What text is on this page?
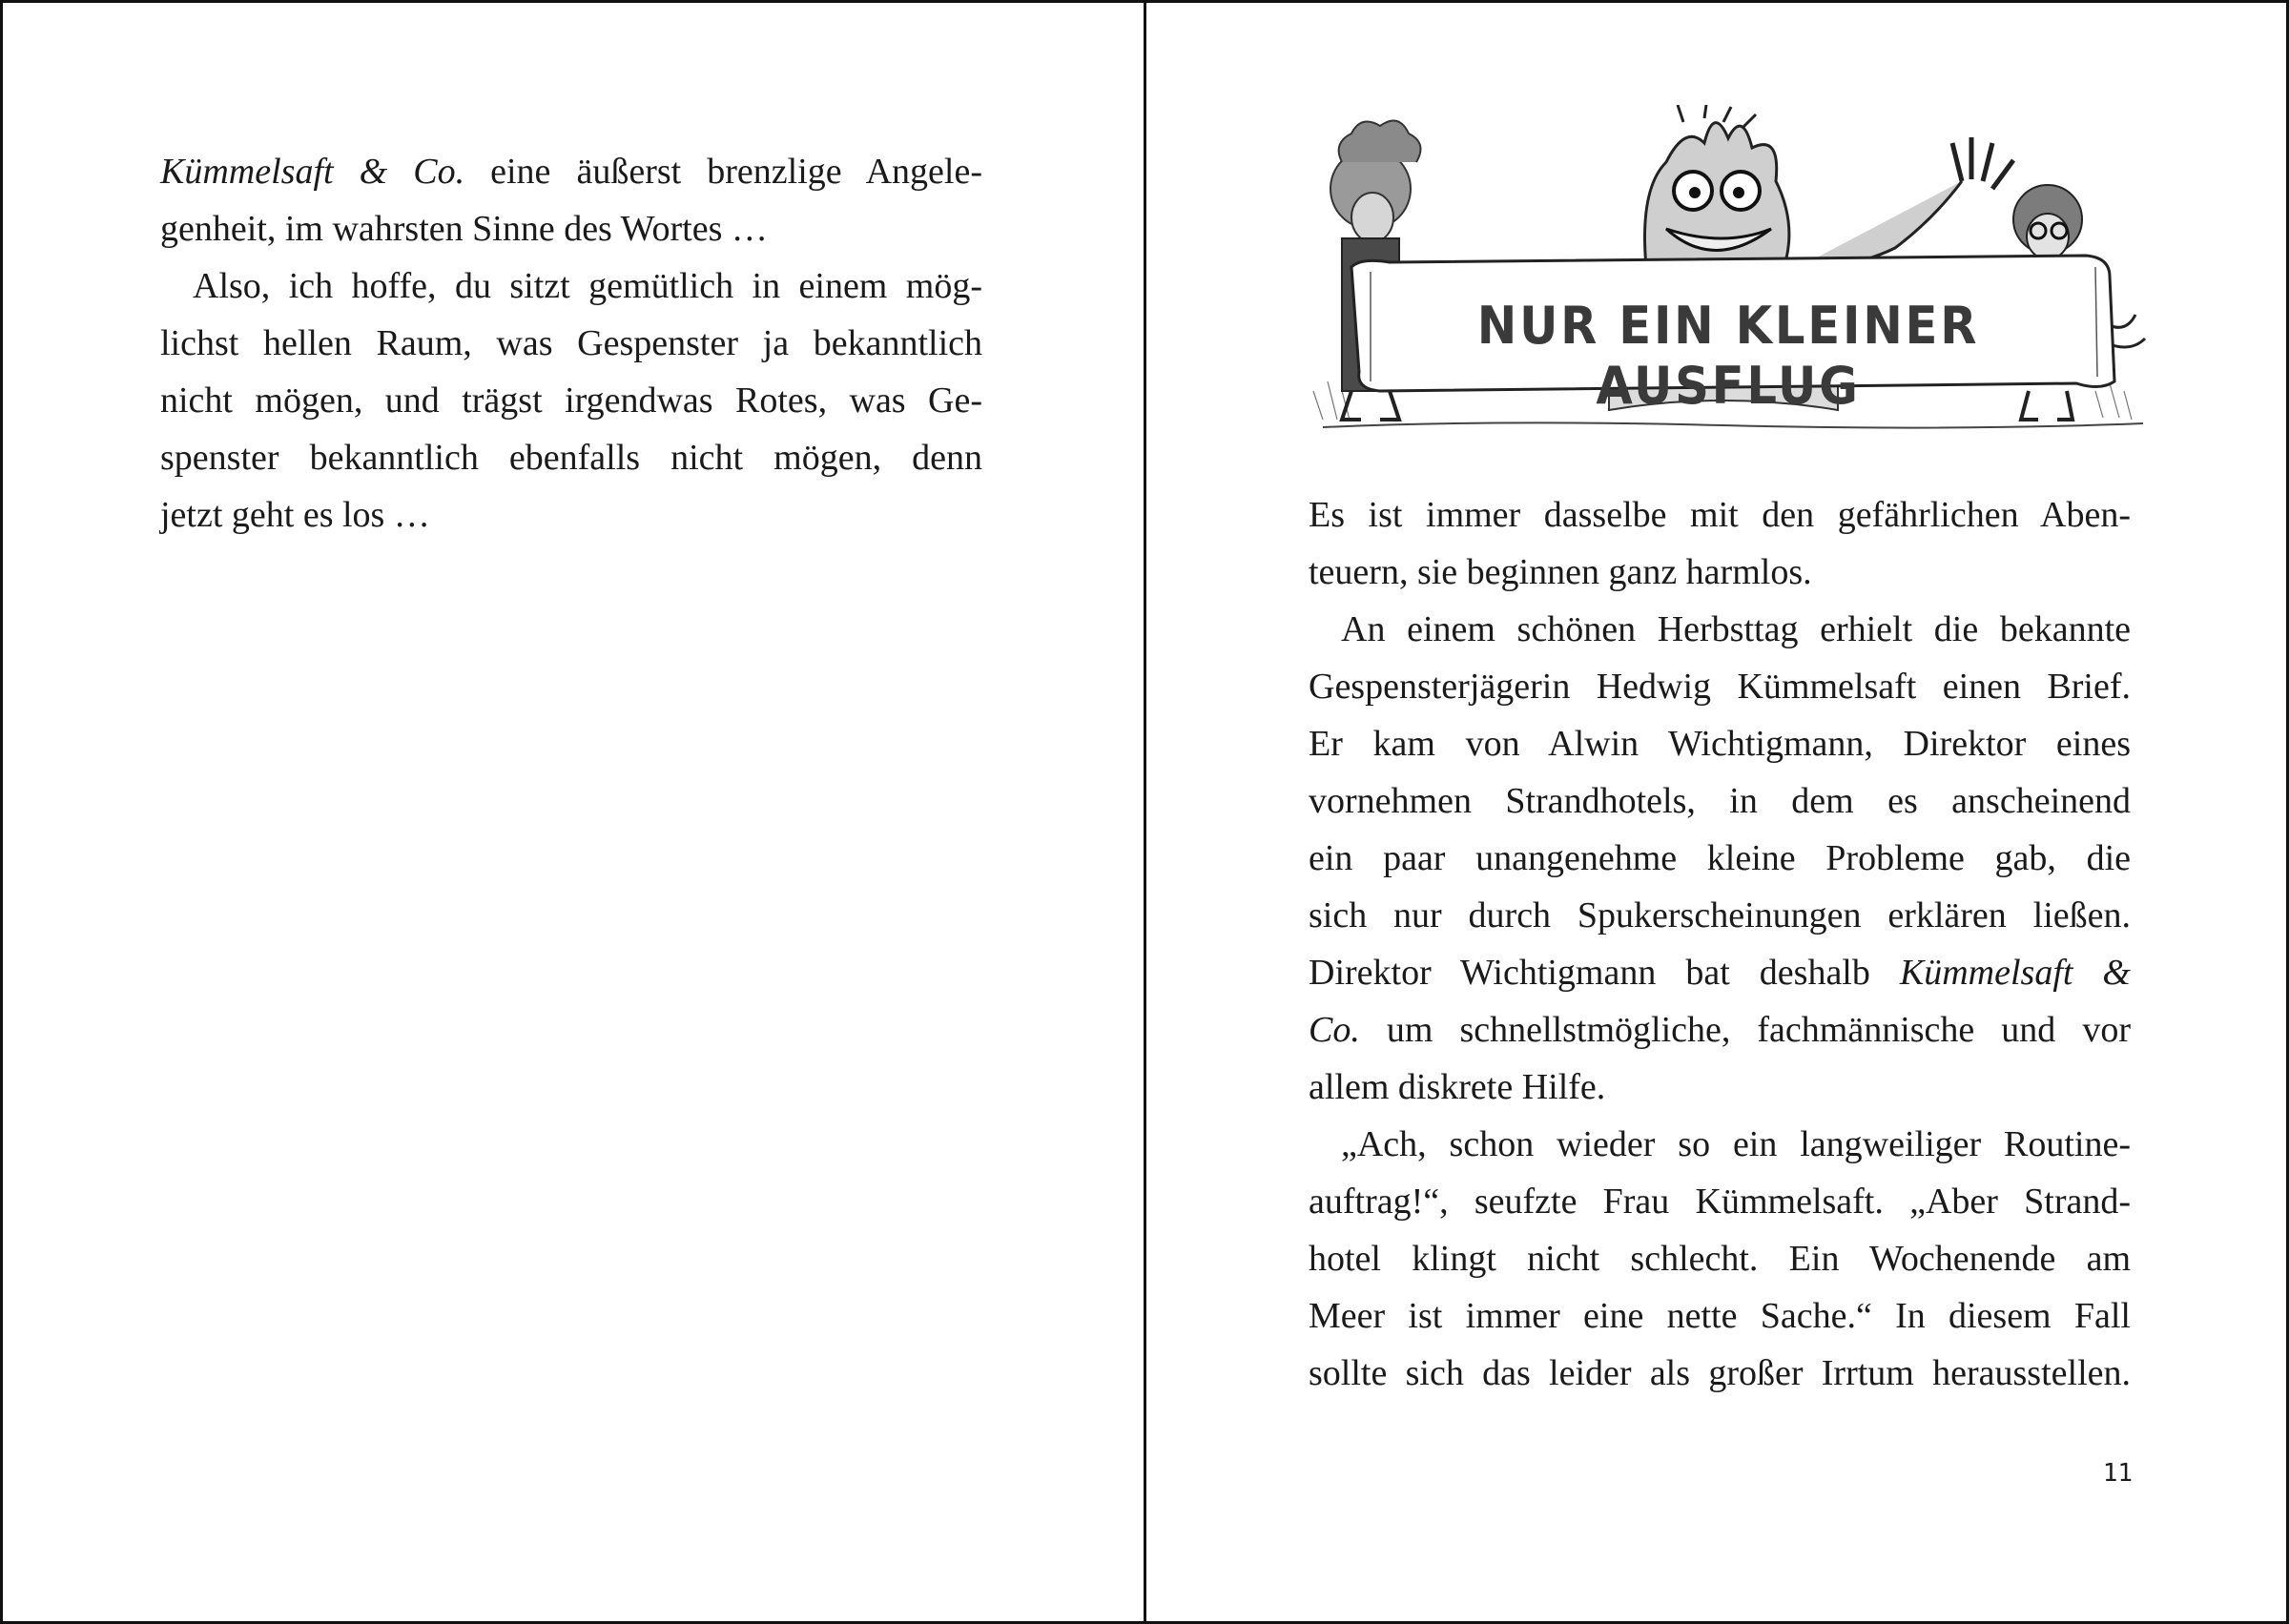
Kümmelsaft & Co. eine äußerst brenzlige Angele-
genheit, im wahrsten Sinne des Wortes …
Also, ich hoffe, du sitzt gemütlich in einem mög-
lichst hellen Raum, was Gespenster ja bekanntlich
nicht mögen, und trägst irgendwas Rotes, was Ge-
spenster bekanntlich ebenfalls nicht mögen, denn
jetzt geht es los …
NUR EIN KLEINER AUSFLUG
Es ist immer dasselbe mit den gefährlichen Aben-
teuern, sie beginnen ganz harmlos.
An einem schönen Herbsttag erhielt die bekannte
Gespensterjägerin Hedwig Kümmelsaft einen Brief.
Er kam von Alwin Wichtigmann, Direktor eines
vornehmen Strandhotels, in dem es anscheinend
ein paar unangenehme kleine Probleme gab, die
sich nur durch Spukerscheinungen erklären ließen.
Direktor Wichtigmann bat deshalb Kümmelsaft &
Co. um schnellstmögliche, fachmännische und vor
allem diskrete Hilfe.
„Ach, schon wieder so ein langweiliger Routine-
auftrag!“, seufzte Frau Kümmelsaft. „Aber Strand-
hotel klingt nicht schlecht. Ein Wochenende am
Meer ist immer eine nette Sache.“ In diesem Fall
sollte sich das leider als großer Irrtum herausstellen.
11
